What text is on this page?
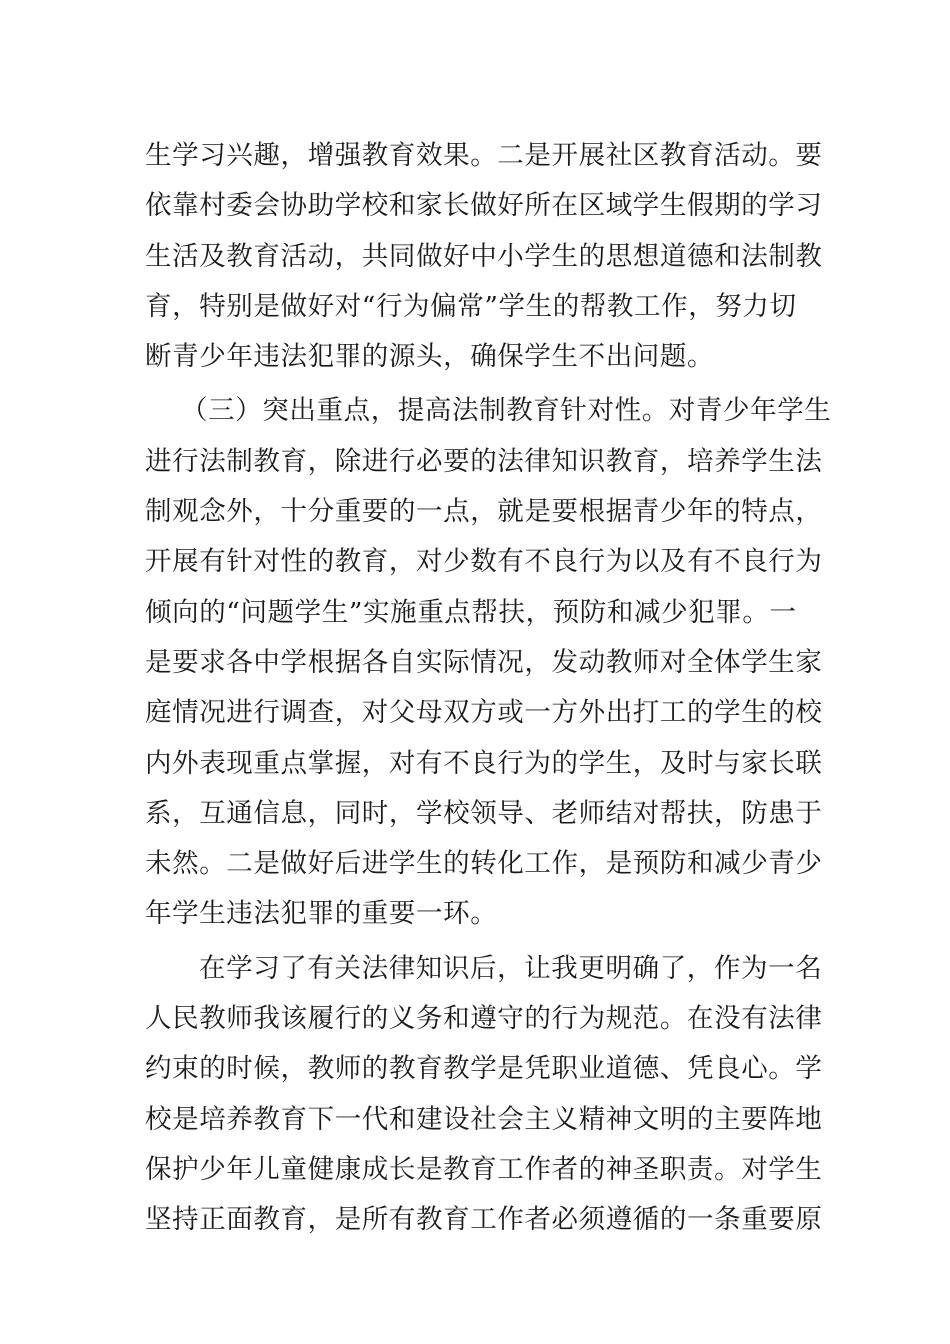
生学习兴趣，增强教育效果。二是开展社区教育活动。要
依靠村委会协助学校和家长做好所在区域学生假期的学习
生活及教育活动，共同做好中小学生的思想道德和法制教
育，特别是做好对“行为偏常”学生的帮教工作，努力切
断青少年违法犯罪的源头，确保学生不出问题。
（三）突出重点，提高法制教育针对性。对青少年学生
进行法制教育，除进行必要的法律知识教育，培养学生法
制观念外，十分重要的一点，就是要根据青少年的特点，
开展有针对性的教育，对少数有不良行为以及有不良行为
倾向的“问题学生”实施重点帮扶，预防和减少犯罪。一
是要求各中学根据各自实际情况，发动教师对全体学生家
庭情况进行调查，对父母双方或一方外出打工的学生的校
内外表现重点掌握，对有不良行为的学生，及时与家长联
系，互通信息，同时，学校领导、老师结对帮扶，防患于
未然。二是做好后进学生的转化工作，是预防和减少青少
年学生违法犯罪的重要一环。
在学习了有关法律知识后，让我更明确了，作为一名
人民教师我该履行的义务和遵守的行为规范。在没有法律
约束的时候，教师的教育教学是凭职业道德、凭良心。学
校是培养教育下一代和建设社会主义精神文明的主要阵地
保护少年儿童健康成长是教育工作者的神圣职责。对学生
坚持正面教育，是所有教育工作者必须遵循的一条重要原
